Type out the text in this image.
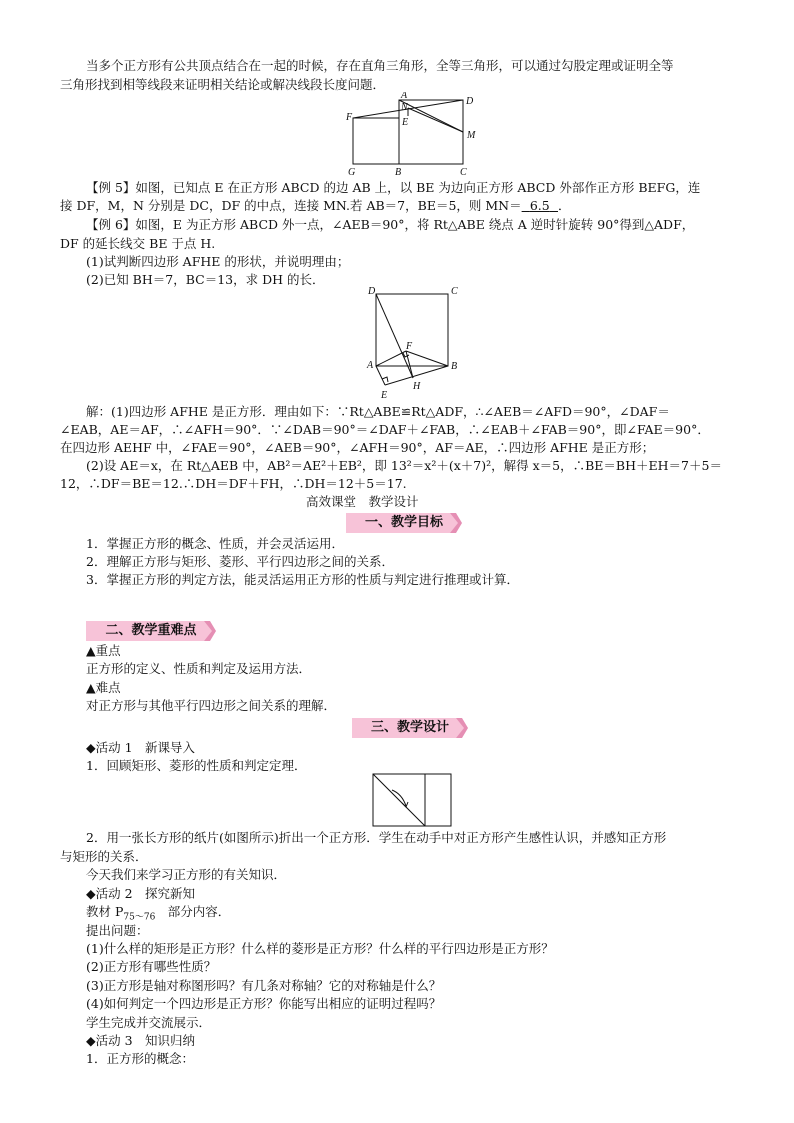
当多个正方形有公共顶点结合在一起的时候，存在直角三角形，全等三角形，可以通过勾股定理或证明全等
三角形找到相等线段来证明相关结论或解决线段长度问题．
A
N
D
F	E
M
G	B	C
【例 5】如图，已知点 E 在正方形 ABCD 的边 AB 上，以 BE 为边向正方形 ABCD 外部作正方形 BEFG，连
接 DF，M，N 分别是 DC，DF 的中点，连接 MN.若 AB＝7，BE＝5，则 MN＝   6.5   ．
【例 6】如图，E 为正方形 ABCD 外一点，∠AEB＝90°，将 Rt△ABE 绕点 A 逆时针旋转 90°得到△ADF，
DF 的延长线交 BE 于点 H.
(1)试判断四边形 AFHE 的形状，并说明理由；
(2)已知 BH＝7，BC＝13，求 DH 的长．
D	C
F
A	B
H
E
解：(1)四边形 AFHE 是正方形．理由如下：∵Rt△ABE≌Rt△ADF，∴∠AEB＝∠AFD＝90°，∠DAF＝
∠EAB，AE＝AF，∴∠AFH＝90°．∵∠DAB＝90°＝∠DAF＋∠FAB，∴∠EAB＋∠FAB＝90°，即∠FAE＝90°．
在四边形 AEHF 中，∠FAE＝90°，∠AEB＝90°，∠AFH＝90°，AF＝AE，∴四边形 AFHE 是正方形；
(2)设 AE＝x，在 Rt△AEB 中，AB²＝AE²＋EB²，即 13²＝x²＋(x＋7)²，解得 x＝5，∴BE＝BH＋EH＝7＋5＝
12，∴DF＝BE＝12.∴DH＝DF＋FH，∴DH＝12＋5＝17.
高效课堂　教学设计
一、教学目标
1．掌握正方形的概念、性质，并会灵活运用．
2．理解正方形与矩形、菱形、平行四边形之间的关系．
3．掌握正方形的判定方法，能灵活运用正方形的性质与判定进行推理或计算．
二、教学重难点
▲重点
正方形的定义、性质和判定及运用方法．
▲难点
对正方形与其他平行四边形之间关系的理解．
三、教学设计
◆活动 1　新课导入
1．回顾矩形、菱形的性质和判定定理．
2．用一张长方形的纸片(如图所示)折出一个正方形．学生在动手中对正方形产生感性认识，并感知正方形
与矩形的关系．
今天我们来学习正方形的有关知识．
◆活动 2　探究新知
教材 $P_{75\sim 76}$　部分内容．
提出问题：
(1)什么样的矩形是正方形？什么样的菱形是正方形？什么样的平行四边形是正方形？
(2)正方形有哪些性质？
(3)正方形是轴对称图形吗？有几条对称轴？它的对称轴是什么？
(4)如何判定一个四边形是正方形？你能写出相应的证明过程吗？
学生完成并交流展示．
◆活动 3　知识归纳
1．正方形的概念：
